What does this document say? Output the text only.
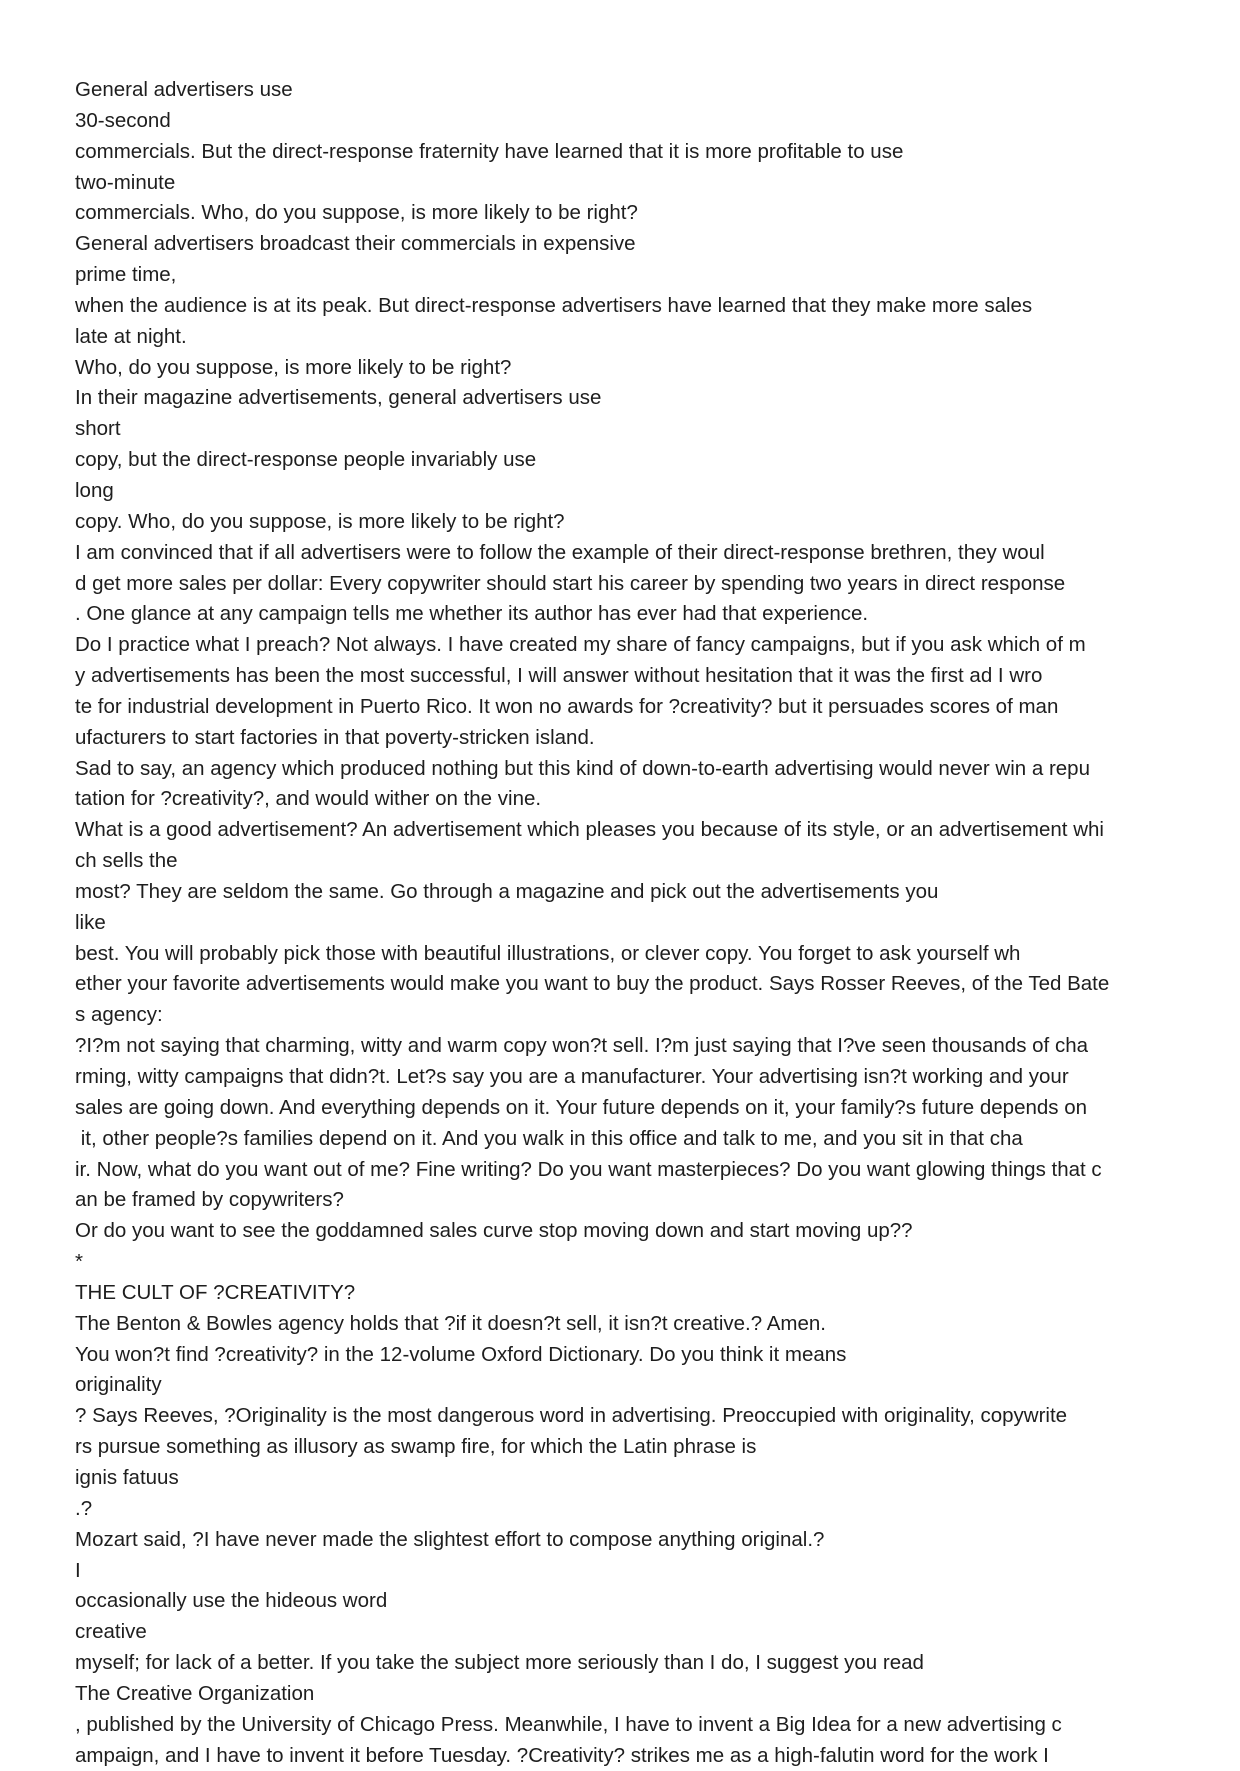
General advertisers use
30-second
commercials. But the direct-response fraternity have learned that it is more profitable to use
two-minute
commercials. Who, do you suppose, is more likely to be right?
General advertisers broadcast their commercials in expensive
prime time,
when the audience is at its peak. But direct-response advertisers have learned that they make more sales
late at night.
Who, do you suppose, is more likely to be right?
In their magazine advertisements, general advertisers use
short
copy, but the direct-response people invariably use
long
copy. Who, do you suppose, is more likely to be right?
I am convinced that if all advertisers were to follow the example of their direct-response brethren, they woul
d get more sales per dollar: Every copywriter should start his career by spending two years in direct response
. One glance at any campaign tells me whether its author has ever had that experience.
Do I practice what I preach? Not always. I have created my share of fancy campaigns, but if you ask which of m
y advertisements has been the most successful, I will answer without hesitation that it was the first ad I wro
te for industrial development in Puerto Rico. It won no awards for ?creativity? but it persuades scores of man
ufacturers to start factories in that poverty-stricken island.
Sad to say, an agency which produced nothing but this kind of down-to-earth advertising would never win a repu
tation for ?creativity?, and would wither on the vine.
What is a good advertisement? An advertisement which pleases you because of its style, or an advertisement whi
ch sells the
most? They are seldom the same. Go through a magazine and pick out the advertisements you
like
best. You will probably pick those with beautiful illustrations, or clever copy. You forget to ask yourself wh
ether your favorite advertisements would make you want to buy the product. Says Rosser Reeves, of the Ted Bate
s agency:
?I?m not saying that charming, witty and warm copy won?t sell. I?m just saying that I?ve seen thousands of cha
rming, witty campaigns that didn?t. Let?s say you are a manufacturer. Your advertising isn?t working and your
sales are going down. And everything depends on it. Your future depends on it, your family?s future depends on
it, other people?s families depend on it. And you walk in this office and talk to me, and you sit in that cha
ir. Now, what do you want out of me? Fine writing? Do you want masterpieces? Do you want glowing things that c
an be framed by copywriters?
Or do you want to see the goddamned sales curve stop moving down and start moving up??
*
THE CULT OF ?CREATIVITY?
The Benton & Bowles agency holds that ?if it doesn?t sell, it isn?t creative.? Amen.
You won?t find ?creativity? in the 12-volume Oxford Dictionary. Do you think it means
originality
? Says Reeves, ?Originality is the most dangerous word in advertising. Preoccupied with originality, copywrite
rs pursue something as illusory as swamp fire, for which the Latin phrase is
ignis fatuus
.?
Mozart said, ?I have never made the slightest effort to compose anything original.?
I
occasionally use the hideous word
creative
myself; for lack of a better. If you take the subject more seriously than I do, I suggest you read
The Creative Organization
, published by the University of Chicago Press. Meanwhile, I have to invent a Big Idea for a new advertising c
ampaign, and I have to invent it before Tuesday. ?Creativity? strikes me as a high-falutin word for the work I
